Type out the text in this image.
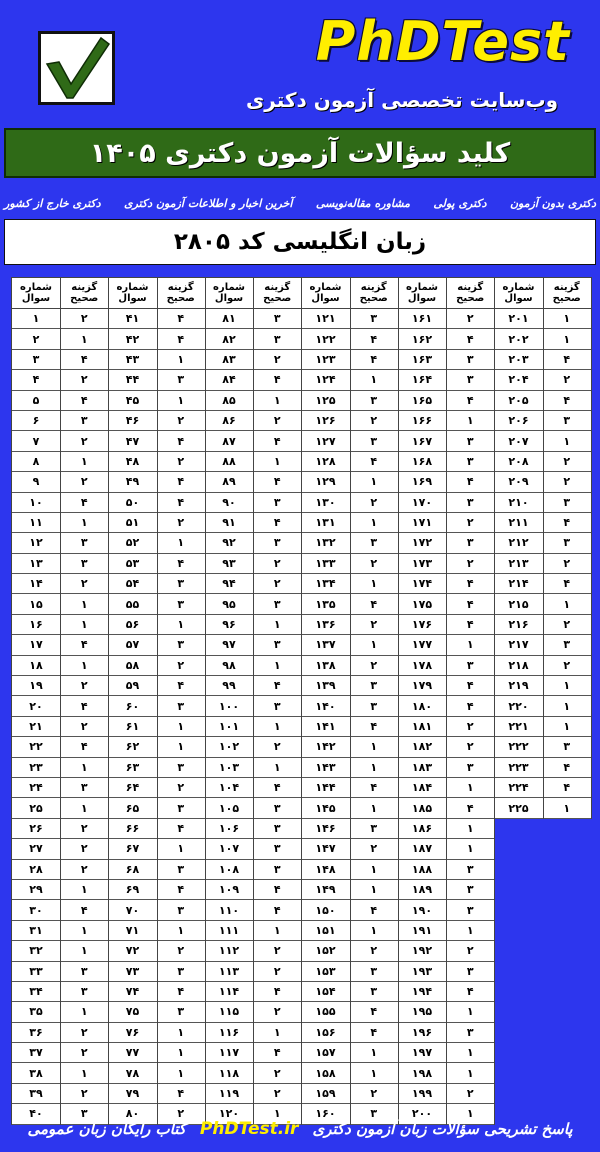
PhDTest
وب‌سایت تخصصی آزمون دکتری
کلید سؤالات آزمون دکتری ۱۴۰۵
دکتری بدون آزمون
دکتری پولی
مشاوره مقاله‌نویسی
آخرین اخبار و اطلاعات آزمون دکتری
دکتری خارج از کشور
زبان انگلیسی کد ۲۸۰۵
گزینه
صحیح
۱
۱
۴
۲
۴
۳
۱
۲
۲
۳
۴
۳
۲
۴
۱
۲
۳
۲
۱
۱
۱
۳
۴
۴
۱
شماره
سوال
۲۰۱
۲۰۲
۲۰۳
۲۰۴
۲۰۵
۲۰۶
۲۰۷
۲۰۸
۲۰۹
۲۱۰
۲۱۱
۲۱۲
۲۱۳
۲۱۴
۲۱۵
۲۱۶
۲۱۷
۲۱۸
۲۱۹
۲۲۰
۲۲۱
۲۲۲
۲۲۳
۲۲۴
۲۲۵
گزینه
صحیح
۲
۴
۳
۳
۴
۱
۳
۳
۴
۳
۲
۳
۲
۴
۴
۴
۱
۳
۴
۴
۲
۲
۳
۱
۴
۱
۱
۳
۳
۳
۱
۲
۳
۴
۱
۳
۱
۱
۲
۱
شماره
سوال
۱۶۱
۱۶۲
۱۶۳
۱۶۴
۱۶۵
۱۶۶
۱۶۷
۱۶۸
۱۶۹
۱۷۰
۱۷۱
۱۷۲
۱۷۳
۱۷۴
۱۷۵
۱۷۶
۱۷۷
۱۷۸
۱۷۹
۱۸۰
۱۸۱
۱۸۲
۱۸۳
۱۸۴
۱۸۵
۱۸۶
۱۸۷
۱۸۸
۱۸۹
۱۹۰
۱۹۱
۱۹۲
۱۹۳
۱۹۴
۱۹۵
۱۹۶
۱۹۷
۱۹۸
۱۹۹
۲۰۰
گزینه
صحیح
۳
۴
۴
۱
۳
۲
۳
۴
۱
۲
۱
۳
۲
۱
۴
۲
۱
۲
۳
۳
۴
۱
۱
۴
۱
۳
۲
۱
۱
۴
۱
۲
۳
۳
۴
۴
۱
۱
۲
۳
شماره
سوال
۱۲۱
۱۲۲
۱۲۳
۱۲۴
۱۲۵
۱۲۶
۱۲۷
۱۲۸
۱۲۹
۱۳۰
۱۳۱
۱۳۲
۱۳۳
۱۳۴
۱۳۵
۱۳۶
۱۳۷
۱۳۸
۱۳۹
۱۴۰
۱۴۱
۱۴۲
۱۴۳
۱۴۴
۱۴۵
۱۴۶
۱۴۷
۱۴۸
۱۴۹
۱۵۰
۱۵۱
۱۵۲
۱۵۳
۱۵۴
۱۵۵
۱۵۶
۱۵۷
۱۵۸
۱۵۹
۱۶۰
گزینه
صحیح
۳
۳
۲
۴
۱
۲
۴
۱
۴
۳
۴
۳
۲
۲
۳
۱
۳
۱
۴
۳
۱
۲
۱
۴
۳
۳
۳
۳
۴
۴
۱
۲
۲
۴
۲
۱
۴
۲
۲
۱
شماره
سوال
۸۱
۸۲
۸۳
۸۴
۸۵
۸۶
۸۷
۸۸
۸۹
۹۰
۹۱
۹۲
۹۳
۹۴
۹۵
۹۶
۹۷
۹۸
۹۹
۱۰۰
۱۰۱
۱۰۲
۱۰۳
۱۰۴
۱۰۵
۱۰۶
۱۰۷
۱۰۸
۱۰۹
۱۱۰
۱۱۱
۱۱۲
۱۱۳
۱۱۴
۱۱۵
۱۱۶
۱۱۷
۱۱۸
۱۱۹
۱۲۰
گزینه
صحیح
۴
۴
۱
۳
۱
۲
۴
۲
۴
۴
۲
۱
۴
۳
۳
۱
۳
۲
۴
۳
۱
۱
۳
۲
۳
۴
۱
۳
۴
۳
۱
۲
۳
۴
۳
۱
۱
۱
۴
۲
شماره
سوال
۴۱
۴۲
۴۳
۴۴
۴۵
۴۶
۴۷
۴۸
۴۹
۵۰
۵۱
۵۲
۵۳
۵۴
۵۵
۵۶
۵۷
۵۸
۵۹
۶۰
۶۱
۶۲
۶۳
۶۴
۶۵
۶۶
۶۷
۶۸
۶۹
۷۰
۷۱
۷۲
۷۳
۷۴
۷۵
۷۶
۷۷
۷۸
۷۹
۸۰
گزینه
صحیح
۲
۱
۴
۲
۴
۳
۲
۱
۲
۴
۱
۳
۳
۲
۱
۱
۴
۱
۲
۴
۲
۴
۱
۳
۱
۲
۲
۲
۱
۴
۱
۱
۳
۳
۱
۲
۲
۱
۲
۳
شماره
سوال
۱
۲
۳
۴
۵
۶
۷
۸
۹
۱۰
۱۱
۱۲
۱۳
۱۴
۱۵
۱۶
۱۷
۱۸
۱۹
۲۰
۲۱
۲۲
۲۳
۲۴
۲۵
۲۶
۲۷
۲۸
۲۹
۳۰
۳۱
۳۲
۳۳
۳۴
۳۵
۳۶
۳۷
۳۸
۳۹
۴۰
پاسخ تشریحی سؤالات زبان آزمون دکتری
PhDTest.ir
کتاب رایگان زبان عمومی
